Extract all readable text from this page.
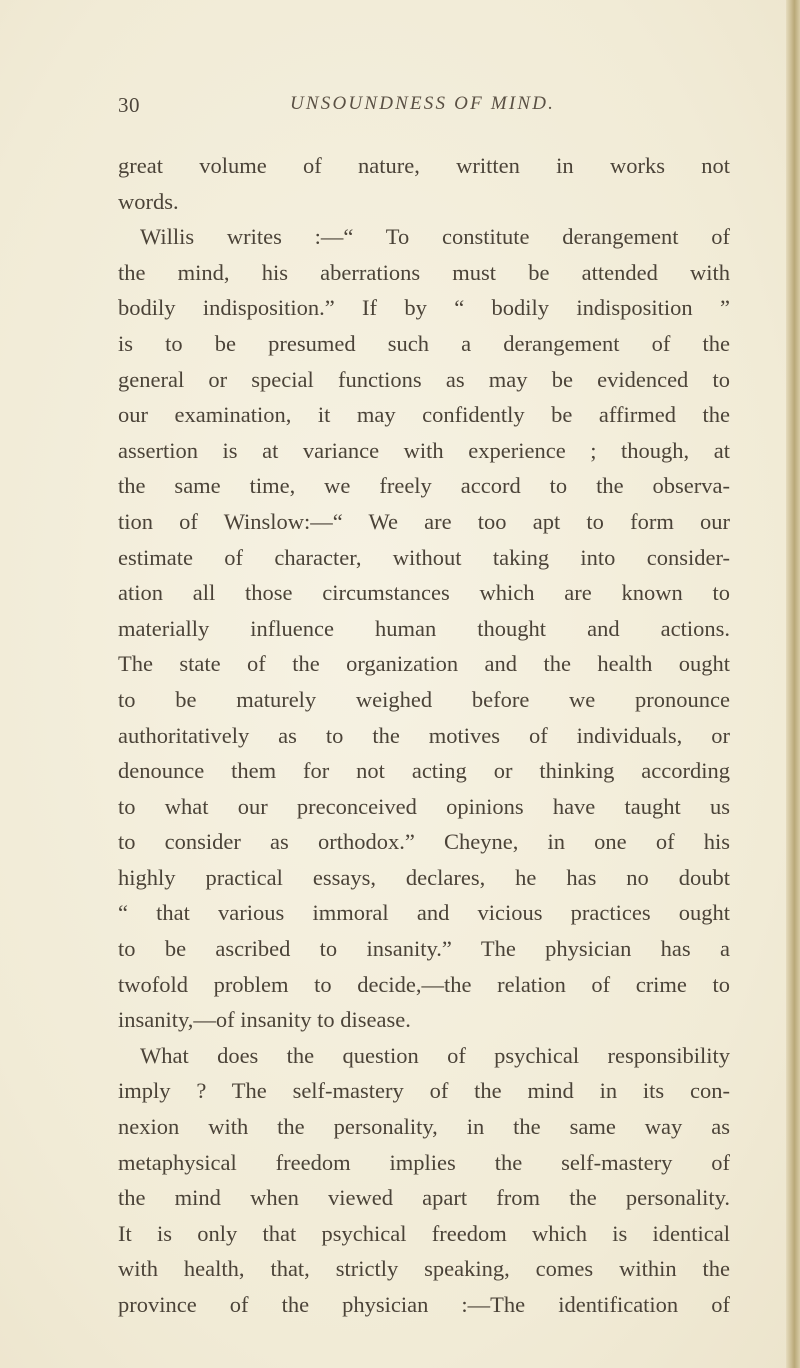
30	UNSOUNDNESS OF MIND.
great volume of nature, written in works not
words.
Willis writes :—“ To constitute derangement of
the mind, his aberrations must be attended with
bodily indisposition.” If by “ bodily indisposition ”
is to be presumed such a derangement of the
general or special functions as may be evidenced to
our examination, it may confidently be affirmed the
assertion is at variance with experience ; though, at
the same time, we freely accord to the observa-
tion of Winslow:—“ We are too apt to form our
estimate of character, without taking into consider-
ation all those circumstances which are known to
materially influence human thought and actions.
The state of the organization and the health ought
to be maturely weighed before we pronounce
authoritatively as to the motives of individuals, or
denounce them for not acting or thinking according
to what our preconceived opinions have taught us
to consider as orthodox.” Cheyne, in one of his
highly practical essays, declares, he has no doubt
“ that various immoral and vicious practices ought
to be ascribed to insanity.” The physician has a
twofold problem to decide,—the relation of crime to
insanity,—of insanity to disease.
What does the question of psychical responsibility
imply ? The self-mastery of the mind in its con-
nexion with the personality, in the same way as
metaphysical freedom implies the self-mastery of
the mind when viewed apart from the personality.
It is only that psychical freedom which is identical
with health, that, strictly speaking, comes within the
province of the physician :—The identification of
